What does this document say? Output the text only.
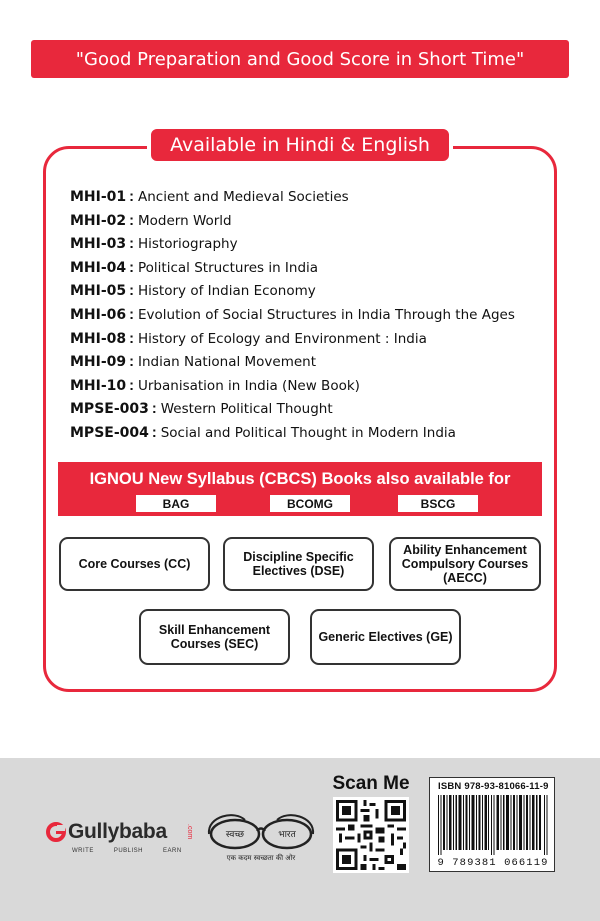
"Good Preparation and Good Score in Short Time"
Available in Hindi & English
MHI-01 : Ancient and Medieval Societies
MHI-02 : Modern World
MHI-03 : Historiography
MHI-04 : Political Structures in India
MHI-05 : History of Indian Economy
MHI-06 : Evolution of Social Structures in India Through the Ages
MHI-08 : History of Ecology and Environment : India
MHI-09 : Indian National Movement
MHI-10 : Urbanisation in India (New Book)
MPSE-003 : Western Political Thought
MPSE-004 : Social and Political Thought in Modern India
IGNOU New Syllabus (CBCS) Books also available for
BAG	BCOMG	BSCG
Core Courses (CC)	Discipline Specific Electives (DSE)
Ability Enhancement Compulsory Courses (AECC)
Skill Enhancement Courses (SEC)	Generic Electives (GE)
Gullybaba	.com
WRITE	PUBLISH	EARN
स्वच्छ	भारत
एक कदम स्वच्छता की ओर
Scan Me	ISBN 978-93-81066-11-9
9 789381 066119
